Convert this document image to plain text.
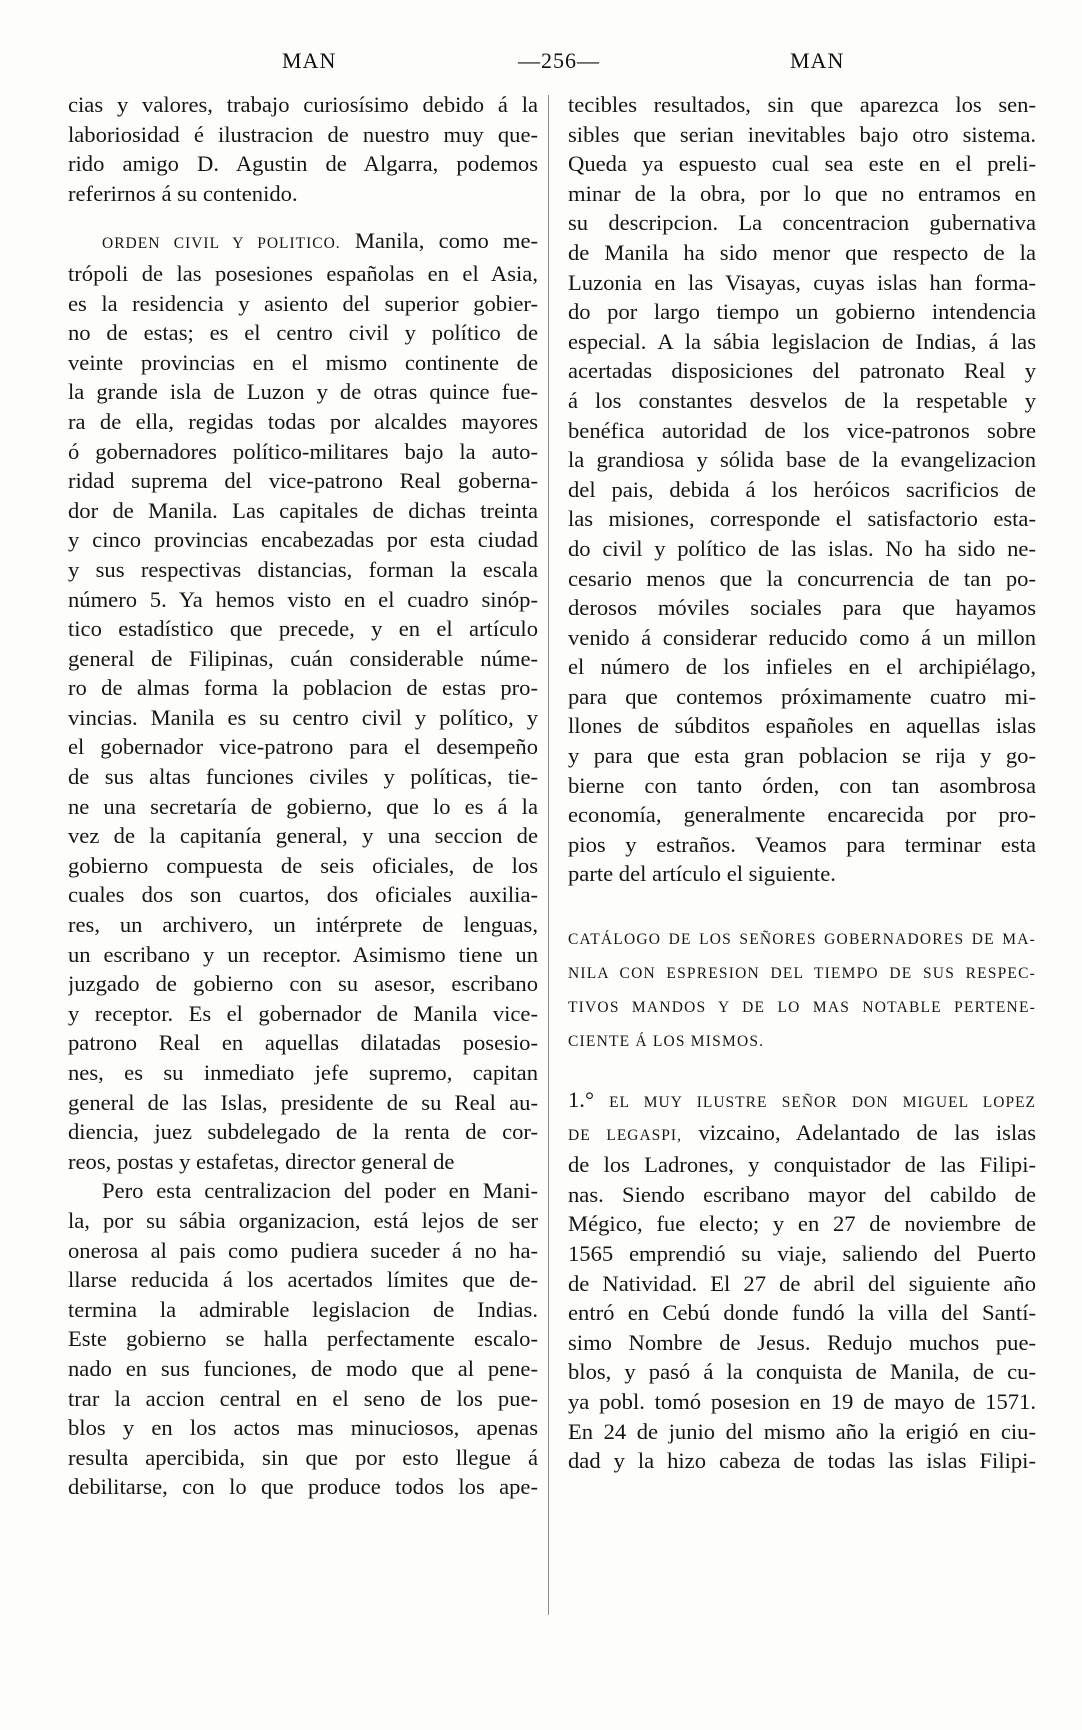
MAN	—256—	MAN
cias y valores, trabajo curiosísimo debido á la
laboriosidad é ilustracion de nuestro muy que-
rido amigo D. Agustin de Algarra, podemos
referirnos á su contenido.
ORDEN CIVIL Y POLITICO. Manila, como me-
trópoli de las posesiones españolas en el Asia,
es la residencia y asiento del superior gobier-
no de estas; es el centro civil y político de
veinte provincias en el mismo continente de
la grande isla de Luzon y de otras quince fue-
ra de ella, regidas todas por alcaldes mayores
ó gobernadores político-militares bajo la auto-
ridad suprema del vice-patrono Real goberna-
dor de Manila. Las capitales de dichas treinta
y cinco provincias encabezadas por esta ciudad
y sus respectivas distancias, forman la escala
número 5. Ya hemos visto en el cuadro sinóp-
tico estadístico que precede, y en el artículo
general de Filipinas, cuán considerable núme-
ro de almas forma la poblacion de estas pro-
vincias. Manila es su centro civil y político, y
el gobernador vice-patrono para el desempeño
de sus altas funciones civiles y políticas, tie-
ne una secretaría de gobierno, que lo es á la
vez de la capitanía general, y una seccion de
gobierno compuesta de seis oficiales, de los
cuales dos son cuartos, dos oficiales auxilia-
res, un archivero, un intérprete de lenguas,
un escribano y un receptor. Asimismo tiene un
juzgado de gobierno con su asesor, escribano
y receptor. Es el gobernador de Manila vice-
patrono Real en aquellas dilatadas posesio-
nes, es su inmediato jefe supremo, capitan
general de las Islas, presidente de su Real au-
diencia, juez subdelegado de la renta de cor-
reos, postas y estafetas, director general de
Pero esta centralizacion del poder en Mani-
la, por su sábia organizacion, está lejos de ser
onerosa al pais como pudiera suceder á no ha-
llarse reducida á los acertados límites que de-
termina la admirable legislacion de Indias.
Este gobierno se halla perfectamente escalo-
nado en sus funciones, de modo que al pene-
trar la accion central en el seno de los pue-
blos y en los actos mas minuciosos, apenas
resulta apercibida, sin que por esto llegue á
debilitarse, con lo que produce todos los ape-
tecibles resultados, sin que aparezca los sen-
sibles que serian inevitables bajo otro sistema.
Queda ya espuesto cual sea este en el preli-
minar de la obra, por lo que no entramos en
su descripcion. La concentracion gubernativa
de Manila ha sido menor que respecto de la
Luzonia en las Visayas, cuyas islas han forma-
do por largo tiempo un gobierno intendencia
especial. A la sábia legislacion de Indias, á las
acertadas disposiciones del patronato Real y
á los constantes desvelos de la respetable y
benéfica autoridad de los vice-patronos sobre
la grandiosa y sólida base de la evangelizacion
del pais, debida á los heróicos sacrificios de
las misiones, corresponde el satisfactorio esta-
do civil y político de las islas. No ha sido ne-
cesario menos que la concurrencia de tan po-
derosos móviles sociales para que hayamos
venido á considerar reducido como á un millon
el número de los infieles en el archipiélago,
para que contemos próximamente cuatro mi-
llones de súbditos españoles en aquellas islas
y para que esta gran poblacion se rija y go-
bierne con tanto órden, con tan asombrosa
economía, generalmente encarecida por pro-
pios y estraños. Veamos para terminar esta
parte del artículo el siguiente.
CATÁLOGO DE LOS SEÑORES GOBERNADORES DE MA-
NILA CON ESPRESION DEL TIEMPO DE SUS RESPEC-
TIVOS MANDOS Y DE LO MAS NOTABLE PERTENE-
CIENTE Á LOS MISMOS.
1.° EL MUY ILUSTRE SEÑOR DON MIGUEL LOPEZ
DE LEGASPI, vizcaino, Adelantado de las islas
de los Ladrones, y conquistador de las Filipi-
nas. Siendo escribano mayor del cabildo de
Mégico, fue electo; y en 27 de noviembre de
1565 emprendió su viaje, saliendo del Puerto
de Natividad. El 27 de abril del siguiente año
entró en Cebú donde fundó la villa del Santí-
simo Nombre de Jesus. Redujo muchos pue-
blos, y pasó á la conquista de Manila, de cu-
ya pobl. tomó posesion en 19 de mayo de 1571.
En 24 de junio del mismo año la erigió en ciu-
dad y la hizo cabeza de todas las islas Filipi-
